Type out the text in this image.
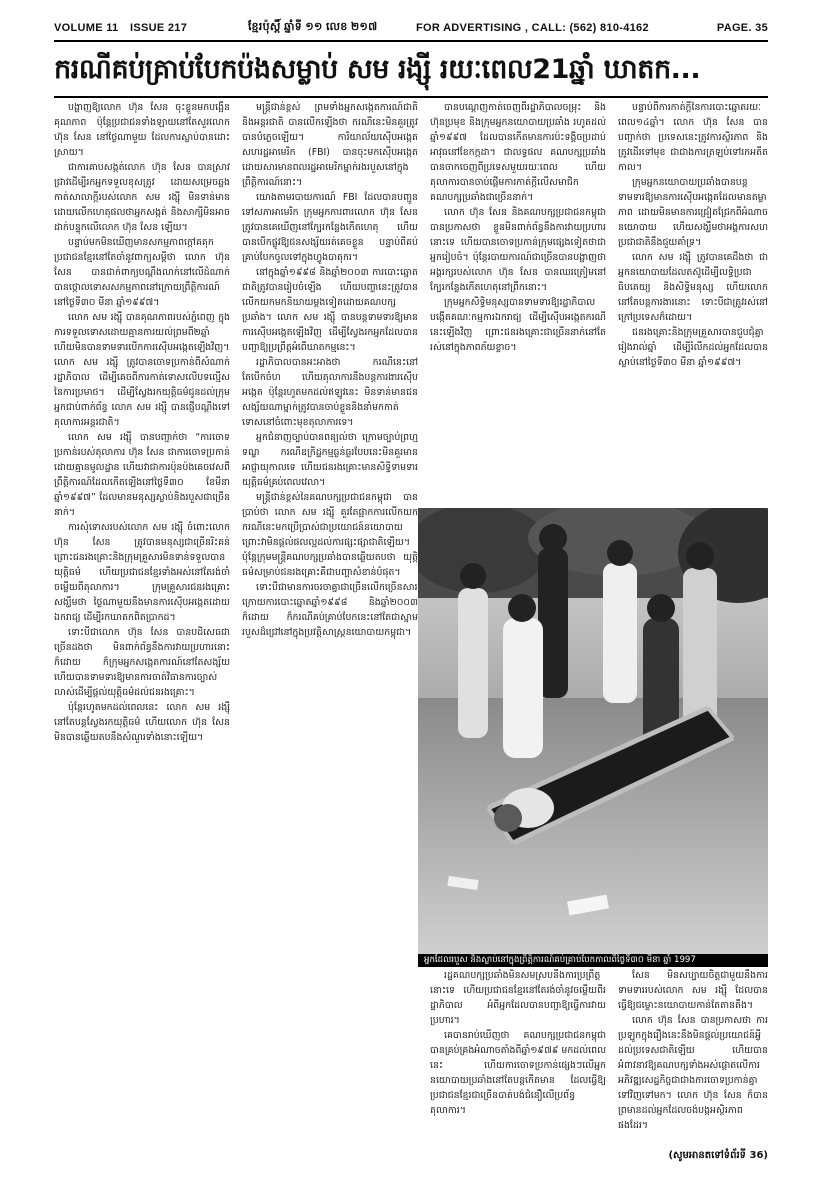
VOLUME 11	ISSUE 217	ខ្មែរប៉ុស្ដិ៍ ឆ្នាំទី ១១ លេខ ២១៧	FOR ADVERTISING , CALL: (562) 810-4162	PAGE. 35
ករណីគប់គ្រាប់បែកប៉ងសម្លាប់ សម រង្ស៊ី រយៈពេល21ឆ្នាំ ឃាតក...

បង្ហាញឱ្យលោក ហ៊ុន សែន ចុះខ្លួនមកបង្អើនគុណភាព ប៉ុន្តែប្រជាជនទាំងឡាយនៅតែសួរលោក ហ៊ុន សែន នៅថ្ងៃណាមួយ ដែលការស្លាប់បានដោះស្រាយ។

ជាការគាបសង្កត់លោក ហ៊ុន សែន បានស្រាវជ្រាវដើម្បីរកអ្នកទទួលខុសត្រូវ ដោយសម្រេចឆ្លងកាត់សាលាក្តីរបស់លោក សម រង្ស៊ី មិនទាន់មានដោយលើកហេតុផលថាអ្នកសង្កត់ និងសាក្សីមិនអាចដាក់បន្ទុកលើលោក ហ៊ុន សែន ឡើយ។

បន្ទាប់មកមិនឃើញមានសកម្មភាពក្តៅគគុក ប្រជាជនខ្មែរនៅតែចាំនូវពាក្យសម្ដីថា លោក ហ៊ុន សែន បានជាក់ពាក្យបណ្ដឹងលាក់នៅលើដំណាក់ បានថ្កោលទោសសកម្មភាពនៅក្រោយព្រឹត្តិការណ៍នៅថ្ងៃទី៣០ មីនា ឆ្នាំ១៩៩៧។

លោក សម រង្ស៊ី បានគុណភាពរបស់ភ្នំពេញ ក្នុងការទទួលទោសដោយគ្មានការយល់ព្រមពី២ឆ្នាំ ហើយមិនបានទាមទារបើកការស៊ើបអង្កេតឡើងវិញ។ លោក សម រង្ស៊ី ត្រូវបានចោទប្រកាន់ពីសំណាក់រដ្ឋាភិបាល ដើម្បីគេចពីការកាត់ទោសលើបទល្មើសនៃការប្រមាថ។ ដើម្បីស្វែងរកយុត្តិធម៌ជូនដល់ក្រុមអ្នកជាប់ពាក់ព័ន្ធ លោក សម រង្ស៊ី បានផ្ញើបណ្ដឹងទៅតុលាការអន្តរជាតិ។

លោក សម រង្ស៊ី បានបញ្ជាក់ថា “ការចោទប្រកាន់របស់តុលាការ ហ៊ុន សែន ជាការចោទប្រកាន់ដោយគ្មានមូលដ្ឋាន ហើយវាជាការប៉ុនប៉ងគេចវេសពីព្រឹត្តិការណ៍ដែលកើតឡើងនៅថ្ងៃទី៣០ ខែមីនា ឆ្នាំ១៩៩៧” ដែលមានមនុស្សស្លាប់និងរបួសជាច្រើននាក់។

ការសុំទោសរបស់លោក សម រង្ស៊ី ចំពោះលោក ហ៊ុន សែន ត្រូវបានមនុស្សជាច្រើនរិះគន់ ព្រោះជនរងគ្រោះនិងក្រុមគ្រួសារមិនទាន់ទទួលបានយុត្តិធម៌ ហើយប្រជាជនខ្មែរទាំងអស់នៅតែរង់ចាំចម្លើយពីតុលាការ។ ក្រុមគ្រួសារជនរងគ្រោះសង្ឃឹមថា ថ្ងៃណាមួយនឹងមានការស៊ើបអង្កេតដោយឯករាជ្យ ដើម្បីរកឃាតកពិតប្រាកដ។

ទោះបីជាលោក ហ៊ុន សែន បានបដិសេធជាច្រើនដងថា មិនពាក់ព័ន្ធនឹងការវាយប្រហារនោះក៏ដោយ ក៏ក្រុមអ្នកសង្កេតការណ៍នៅតែសង្ស័យ ហើយបានទាមទារឱ្យមានការចាត់វិធានការច្បាស់លាស់ដើម្បីផ្ដល់យុត្តិធម៌ដល់ជនរងគ្រោះ។

ប៉ុន្តែរហូតមកដល់ពេលនេះ លោក សម រង្ស៊ី នៅតែបន្តស្វែងរកយុត្តិធម៌ ហើយលោក ហ៊ុន សែន មិនបានឆ្លើយតបនឹងសំណួរទាំងនោះឡើយ។

មន្ត្រីជាន់ខ្ពស់ ព្រមទាំងអ្នកសង្កេតការណ៍ជាតិ និងអន្តរជាតិ បានលើកឡើងថា ករណីនេះមិនគួរត្រូវបានបំភ្លេចឡើយ។ ការិយាល័យស៊ើបអង្កេតសហរដ្ឋអាមេរិក (FBI) បានចុះមកស៊ើបអង្កេត ដោយសារមានពលរដ្ឋអាមេរិកម្នាក់រងរបួសនៅក្នុងព្រឹត្តិការណ៍នោះ។

យោងតាមរបាយការណ៍ FBI ដែលបានបញ្ជូនទៅសភាអាមេរិក ក្រុមអ្នកការពារលោក ហ៊ុន សែន ត្រូវបានគេឃើញនៅក្បែរកន្លែងកើតហេតុ ហើយបានបើកផ្លូវឱ្យជនសង្ស័យរត់គេចខ្លួន បន្ទាប់ពីគប់គ្រាប់បែកចូលទៅក្នុងហ្វូងបាតុករ។

នៅក្នុងឆ្នាំ១៩៩៨ និងឆ្នាំ២០០៣ ការបោះឆ្នោតជាតិត្រូវបានរៀបចំឡើង ហើយបញ្ហានេះត្រូវបានលើកយកមកនិយាយម្តងទៀតដោយគណបក្សប្រឆាំង។ លោក សម រង្ស៊ី បានបន្តទាមទារឱ្យមានការស៊ើបអង្កេតឡើងវិញ ដើម្បីស្វែងរកអ្នកដែលបានបញ្ជាឱ្យប្រព្រឹត្តអំពើឃាតកម្មនេះ។

រដ្ឋាភិបាលបានអះអាងថា ករណីនេះនៅតែបើកចំហ ហើយតុលាការនឹងបន្តការងារស៊ើបអង្កេត ប៉ុន្តែរហូតមកដល់ឥឡូវនេះ មិនទាន់មានជនសង្ស័យណាម្នាក់ត្រូវបានចាប់ខ្លួននិងនាំមកកាត់ទោសនៅចំពោះមុខតុលាការទេ។

អ្នកជំនាញច្បាប់បានពន្យល់ថា ក្រោមច្បាប់ព្រហ្មទណ្ឌ ករណីឧក្រិដ្ឋកម្មធ្ងន់ធ្ងរបែបនេះមិនគួរមានអាជ្ញាយុកាលទេ ហើយជនរងគ្រោះមានសិទ្ធិទាមទារយុត្តិធម៌គ្រប់ពេលវេលា។

មន្ត្រីជាន់ខ្ពស់នៃគណបក្សប្រជាជនកម្ពុជា បានប្រាប់ថា លោក សម រង្ស៊ី គួរតែផ្អាកការលើកយកករណីនេះមកប្រើប្រាស់ជាប្រយោជន៍នយោបាយ ព្រោះវាមិនផ្ដល់ផលល្អដល់ការផ្សះផ្សាជាតិឡើយ។ ប៉ុន្តែក្រុមមន្ត្រីគណបក្សប្រឆាំងបានឆ្លើយតបថា យុត្តិធម៌សម្រាប់ជនរងគ្រោះគឺជាបញ្ហាសំខាន់បំផុត។

ទោះបីជាមានការចរចាគ្នាជាច្រើនលើកច្រើនសារក្រោយការបោះឆ្នោតឆ្នាំ១៩៩៨ និងឆ្នាំ២០០៣ ក៏ដោយ ក៏ករណីគប់គ្រាប់បែកនេះនៅតែជាស្នាមរបួសដ៏ជ្រៅនៅក្នុងប្រវត្តិសាស្ត្រនយោបាយកម្ពុជា។

បានបណ្ដេញកាត់ចេញពីរដ្ឋាភិបាលចម្រុះ និងហ៊ុនប្រមុខ និងក្រុមអ្នកនយោបាយប្រឆាំង រហូតដល់ឆ្នាំ១៩៩៧ ដែលបានកើតមានការប៉ះទង្គិចប្រដាប់អាវុធនៅខែកក្កដា។ ជាលទ្ធផល គណបក្សប្រឆាំងបានចាកចេញពីប្រទេសមួយរយៈពេល ហើយតុលាការបានចាប់ផ្ដើមការកាត់ក្តីលើសមាជិកគណបក្សប្រឆាំងជាច្រើននាក់។

លោក ហ៊ុន សែន និងគណបក្សប្រជាជនកម្ពុជាបានប្រកាសថា ខ្លួនមិនពាក់ព័ន្ធនឹងការវាយប្រហារនោះទេ ហើយបានចោទប្រកាន់ក្រុមផ្សេងទៀតថាជាអ្នករៀបចំ។ ប៉ុន្តែរបាយការណ៍ជាច្រើនបានបង្ហាញថា អង្គរក្សរបស់លោក ហ៊ុន សែន បានឈរត្រៀមនៅក្បែរកន្លែងកើតហេតុនៅព្រឹកនោះ។

ក្រុមអ្នកសិទ្ធិមនុស្សបានទាមទារឱ្យរដ្ឋាភិបាលបង្កើតគណៈកម្មការឯករាជ្យ ដើម្បីស៊ើបអង្កេតករណីនេះឡើងវិញ ព្រោះជនរងគ្រោះជាច្រើននាក់នៅតែរស់នៅក្នុងភាពភ័យខ្លាច។

បន្ទាប់ពីការកាត់ក្តីនៃការបោះឆ្នោតរយៈពេល១៤ឆ្នាំ។ លោក ហ៊ុន សែន បានបញ្ជាក់ថា ប្រទេសនេះត្រូវការស្ថិរភាព និងត្រូវដើរទៅមុខ ជាជាងការត្រឡប់ទៅរកអតីតកាល។

ក្រុមអ្នកនយោបាយប្រឆាំងបានបន្តទាមទារឱ្យមានការស៊ើបអង្កេតដែលមានតម្លាភាព ដោយមិនមានការជ្រៀតជ្រែកពីអំណាចនយោបាយ ហើយសង្ឃឹមថាអង្គការសហប្រជាជាតិនឹងជួយគាំទ្រ។

លោក សម រង្ស៊ី ត្រូវបានគេដឹងថា ជាអ្នកនយោបាយដែលតស៊ូដើម្បីលទ្ធិប្រជាធិបតេយ្យ និងសិទ្ធិមនុស្ស ហើយលោកនៅតែបន្តការងារនោះ ទោះបីជាត្រូវរស់នៅក្រៅប្រទេសក៏ដោយ។

ជនរងគ្រោះនិងក្រុមគ្រួសារបានជួបជុំគ្នារៀងរាល់ឆ្នាំ ដើម្បីរំលឹកដល់អ្នកដែលបានស្លាប់នៅថ្ងៃទី៣០ មីនា ឆ្នាំ១៩៩៧។

អ្នកដែលរបួស និងស្លាប់នៅក្នុងព្រឹត្តិការណ៍គប់គ្រាប់បែកកាលពីថ្ងៃទី៣០ មីនា ឆ្នាំ 1997

រដ្ឋគណបក្សប្រឆាំងមិនសមស្របនឹងការប្រព្រឹត្តនោះទេ ហើយប្រជាជនខ្មែរនៅតែរង់ចាំនូវចម្លើយពីរដ្ឋាភិបាល អំពីអ្នកដែលបានបញ្ជាឱ្យធ្វើការវាយប្រហារ។

គេបានរាប់ឃើញថា គណបក្សប្រជាជនកម្ពុជាបានគ្រប់គ្រងអំណាចតាំងពីឆ្នាំ១៩៧៩ មកដល់ពេលនេះ ហើយការចោទប្រកាន់ផ្សេងៗលើអ្នកនយោបាយប្រឆាំងនៅតែបន្តកើតមាន ដែលធ្វើឱ្យប្រជាជនខ្មែរជាច្រើនបាត់បង់ជំនឿលើប្រព័ន្ធតុលាការ។

សែន មិនសប្បាយចិត្តជាមួយនឹងការទាមទាររបស់លោក សម រង្ស៊ី ដែលបានធ្វើឱ្យជម្លោះនយោបាយកាន់តែតានតឹង។

លោក ហ៊ុន សែន បានប្រកាសថា ការប្រឡូកក្នុងរឿងនេះនឹងមិនផ្ដល់ប្រយោជន៍អ្វីដល់ប្រទេសជាតិឡើយ ហើយបានអំពាវនាវឱ្យគណបក្សទាំងអស់ផ្ដោតលើការអភិវឌ្ឍសេដ្ឋកិច្ចជាជាងការចោទប្រកាន់គ្នាទៅវិញទៅមក។ លោក ហ៊ុន សែន ក៏បានព្រមានដល់អ្នកដែលចង់បង្កអស្ថិរភាពផងដែរ។

(សូមអានតទៅទំព័រទី 36)
